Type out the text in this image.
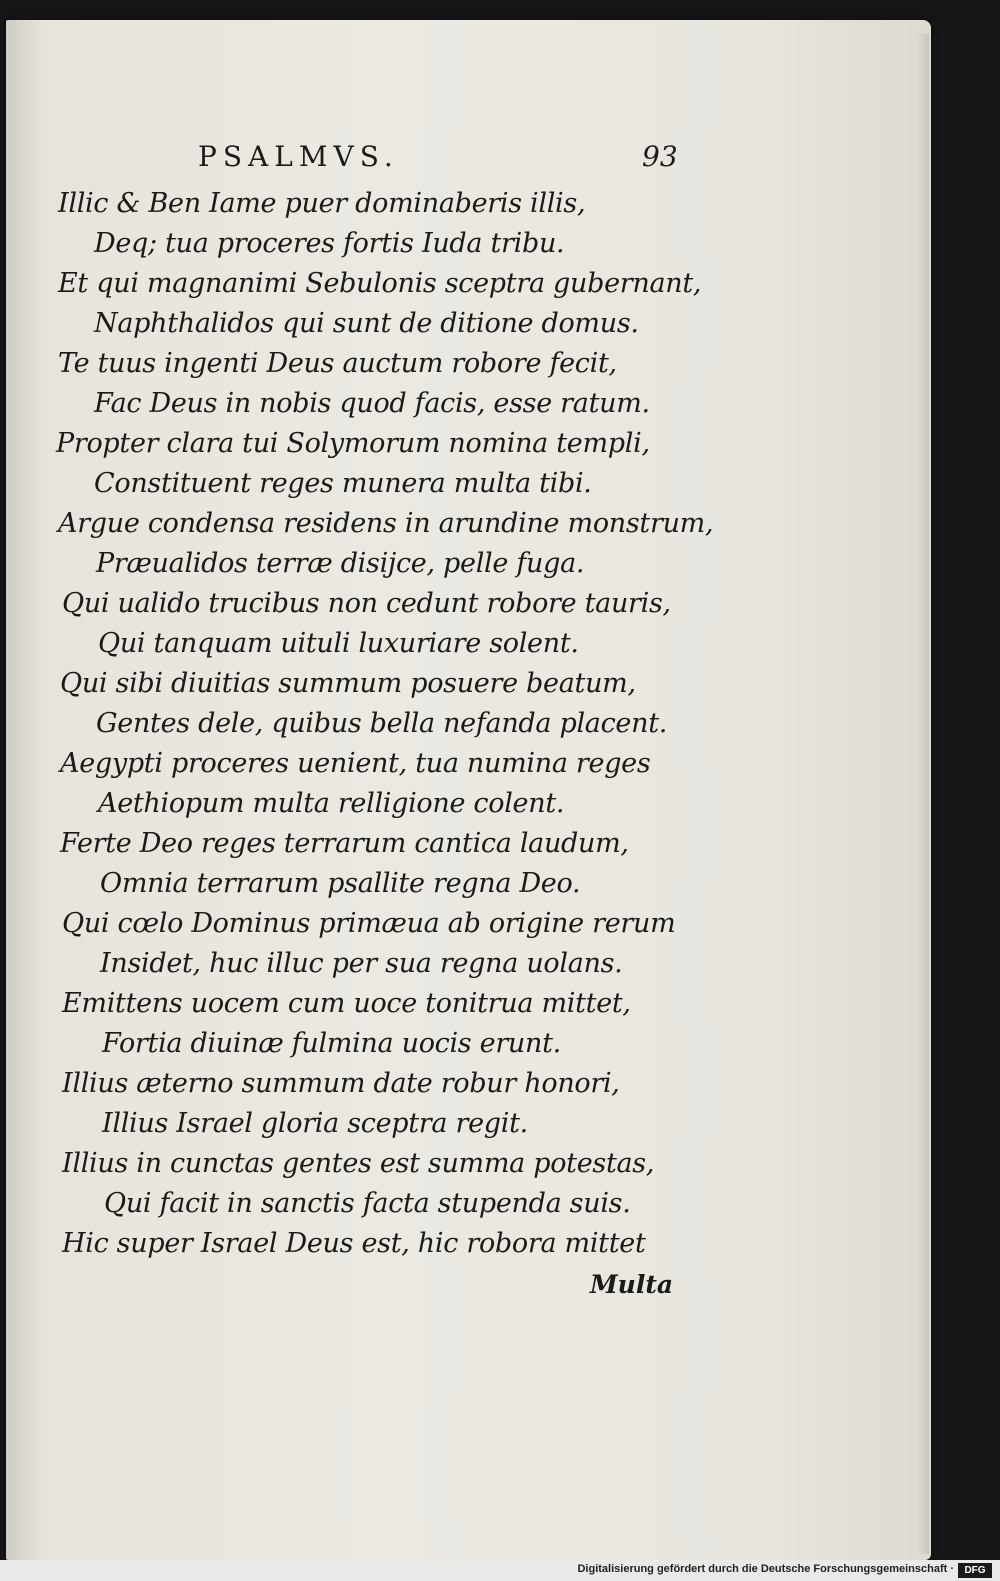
PSALMVS.	93
Illic & Ben Iame puer dominaberis illis,
Deq; tua proceres fortis Iuda tribu.
Et qui magnanimi Sebulonis sceptra gubernant,
Naphthalidos qui sunt de ditione domus.
Te tuus ingenti Deus auctum robore fecit,
Fac Deus in nobis quod facis, esse ratum.
Propter clara tui Solymorum nomina templi,
Constituent reges munera multa tibi.
Argue condensa residens in arundine monstrum,
Præualidos terræ disijce, pelle fuga.
Qui ualido trucibus non cedunt robore tauris,
Qui tanquam uituli luxuriare solent.
Qui sibi diuitias summum posuere beatum,
Gentes dele, quibus bella nefanda placent.
Aegypti proceres uenient, tua numina reges
Aethiopum multa relligione colent.
Ferte Deo reges terrarum cantica laudum,
Omnia terrarum psallite regna Deo.
Qui cœlo Dominus primæua ab origine rerum
Insidet, huc illuc per sua regna uolans.
Emittens uocem cum uoce tonitrua mittet,
Fortia diuinæ fulmina uocis erunt.
Illius æterno summum date robur honori,
Illius Israel gloria sceptra regit.
Illius in cunctas gentes est summa potestas,
Qui facit in sanctis facta stupenda suis.
Hic super Israel Deus est, hic robora mittet
Multa
Digitalisierung gefördert durch die Deutsche Forschungsgemeinschaft ·	DFG
